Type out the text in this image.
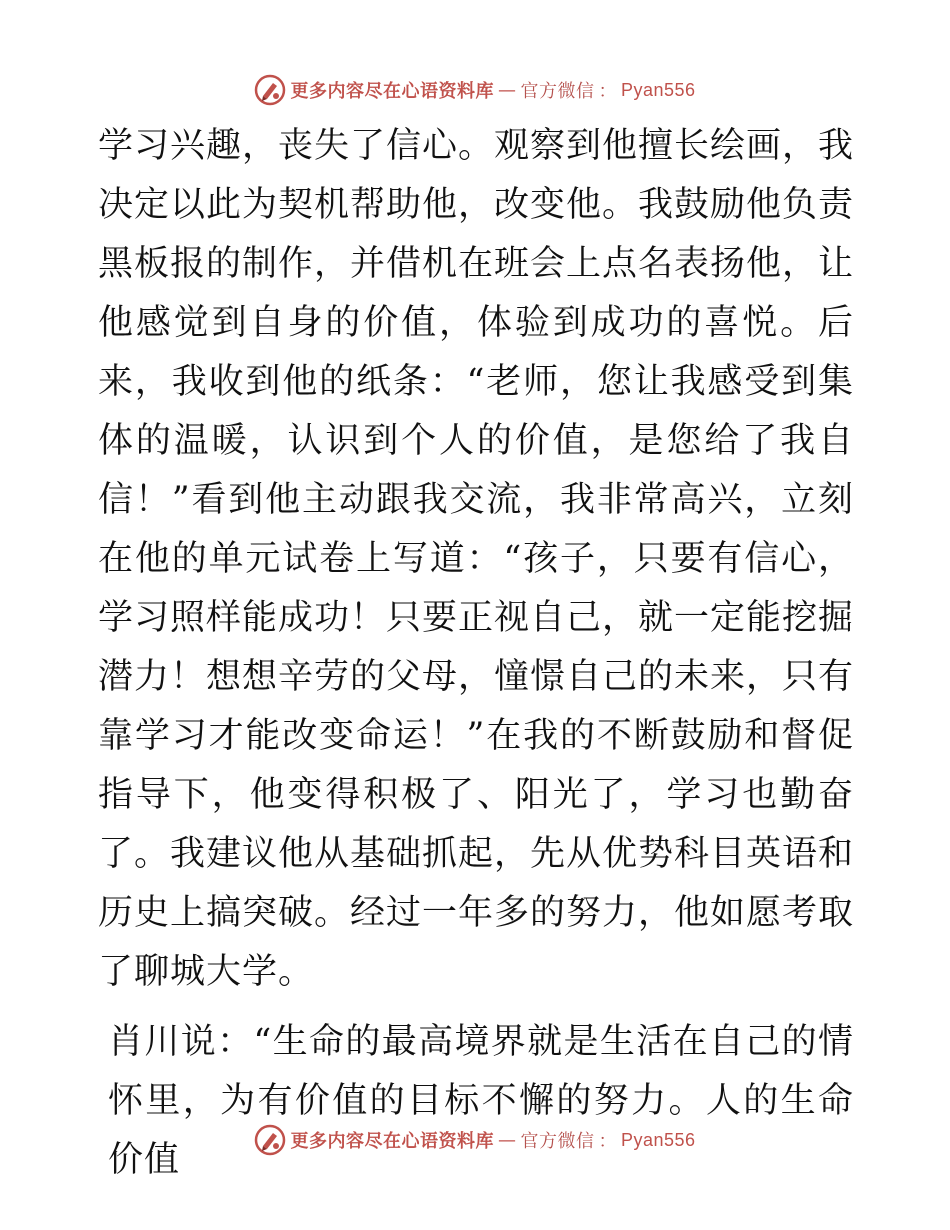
更多内容尽在心语资料库 — 官方微信 ： Pyan556

学习兴趣，丧失了信心。观察到他擅长绘画，我决定以此为契机帮助他，改变他。我鼓励他负责黑板报的制作，并借机在班会上点名表扬他，让他感觉到自身的价值，体验到成功的喜悦。后来，我收到他的纸条：“老师，您让我感受到集体的温暖，认识到个人的价值，是您给了我自信！”看到他主动跟我交流，我非常高兴，立刻在他的单元试卷上写道：“孩子，只要有信心，学习照样能成功！只要正视自己，就一定能挖掘潜力！想想辛劳的父母，憧憬自己的未来，只有靠学习才能改变命运！”在我的不断鼓励和督促指导下，他变得积极了、阳光了，学习也勤奋了。我建议他从基础抓起，先从优势科目英语和历史上搞突破。经过一年多的努力，他如愿考取了聊城大学。

肖川说：“生命的最高境界就是生活在自己的情怀里，为有价值的目标不懈的努力。人的生命价值	更多内容尽在心语资料库 — 官方微信 ： Pyan556
